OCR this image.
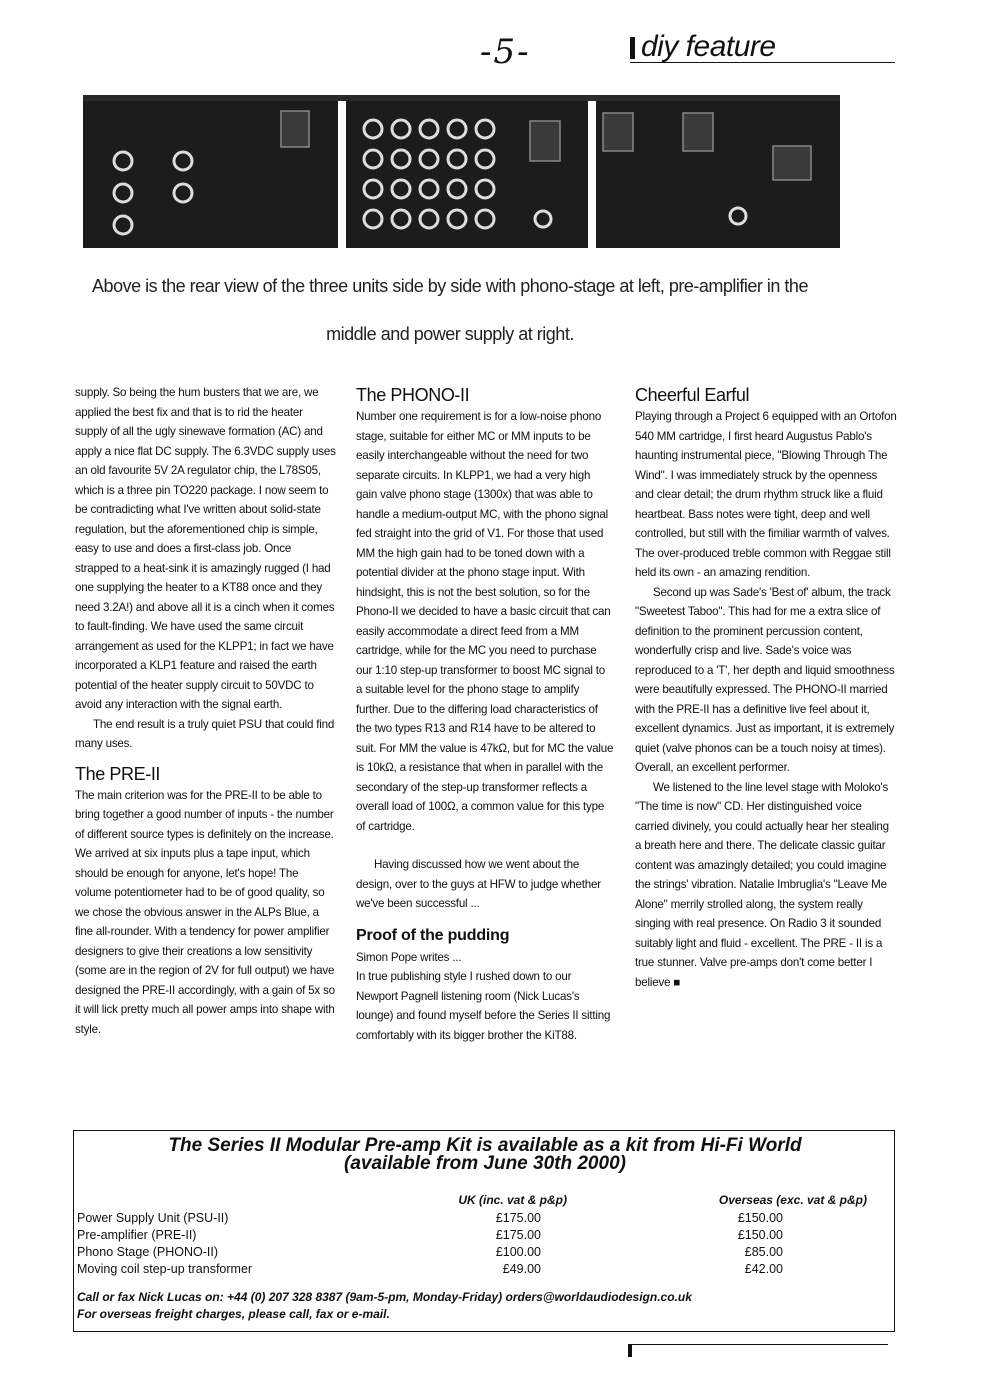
-5-	diy feature
Above is the rear view of the three units side by side with phono-stage at left, pre-amplifier in the
middle and power supply at right.

supply. So being the hum busters that we are, we applied the best fix and that is to rid the heater supply of all the ugly sinewave formation (AC) and apply a nice flat DC supply. The 6.3VDC supply uses an old favourite 5V 2A regulator chip, the L78S05, which is a three pin TO220 package. I now seem to be contradicting what I've written about solid-state regulation, but the aforementioned chip is simple, easy to use and does a first-class job. Once strapped to a heat-sink it is amazingly rugged (I had one supplying the heater to a KT88 once and they need 3.2A!) and above all it is a cinch when it comes to fault-finding. We have used the same circuit arrangement as used for the KLPP1; in fact we have incorporated a KLP1 feature and raised the earth potential of the heater supply circuit to 50VDC to avoid any interaction with the signal earth.

The end result is a truly quiet PSU that could find many uses.

The PRE-II

The main criterion was for the PRE-II to be able to bring together a good number of inputs - the number of different source types is definitely on the increase. We arrived at six inputs plus a tape input, which should be enough for anyone, let's hope! The volume potentiometer had to be of good quality, so we chose the obvious answer in the ALPs Blue, a fine all-rounder. With a tendency for power amplifier designers to give their creations a low sensitivity (some are in the region of 2V for full output) we have designed the PRE-II accordingly, with a gain of 5x so it will lick pretty much all power amps into shape with style.

The PHONO-II

Number one requirement is for a low-noise phono stage, suitable for either MC or MM inputs to be easily interchangeable without the need for two separate circuits. In KLPP1, we had a very high gain valve phono stage (1300x) that was able to handle a medium-output MC, with the phono signal fed straight into the grid of V1. For those that used MM the high gain had to be toned down with a potential divider at the phono stage input. With hindsight, this is not the best solution, so for the Phono-II we decided to have a basic circuit that can easily accommodate a direct feed from a MM cartridge, while for the MC you need to purchase our 1:10 step-up transformer to boost MC signal to a suitable level for the phono stage to amplify further. Due to the differing load characteristics of the two types R13 and R14 have to be altered to suit. For MM the value is 47kΩ, but for MC the value is 10kΩ, a resistance that when in parallel with the secondary of the step-up transformer reflects a overall load of 100Ω, a common value for this type of cartridge.

Having discussed how we went about the design, over to the guys at HFW to judge whether we've been successful ...

Proof of the pudding

Simon Pope writes ...

In true publishing style I rushed down to our Newport Pagnell listening room (Nick Lucas's lounge) and found myself before the Series II sitting comfortably with its bigger brother the KiT88.

Cheerful Earful

Playing through a Project 6 equipped with an Ortofon 540 MM cartridge, I first heard Augustus Pablo's haunting instrumental piece, "Blowing Through The Wind". I was immediately struck by the openness and clear detail; the drum rhythm struck like a fluid heartbeat. Bass notes were tight, deep and well controlled, but still with the fimiliar warmth of valves. The over-produced treble common with Reggae still held its own - an amazing rendition.

Second up was Sade's 'Best of' album, the track "Sweetest Taboo". This had for me a extra slice of definition to the prominent percussion content, wonderfully crisp and live. Sade's voice was reproduced to a 'T', her depth and liquid smoothness were beautifully expressed. The PHONO-II married with the PRE-II has a definitive live feel about it, excellent dynamics. Just as important, it is extremely quiet (valve phonos can be a touch noisy at times). Overall, an excellent performer.

We listened to the line level stage with Moloko's "The time is now" CD. Her distinguished voice carried divinely, you could actually hear her stealing a breath here and there. The delicate classic guitar content was amazingly detailed; you could imagine the strings' vibration. Natalie Imbruglia's "Leave Me Alone" merrily strolled along, the system really singing with real presence. On Radio 3 it sounded suitably light and fluid - excellent. The PRE - II is a true stunner. Valve pre-amps don't come better I believe ■

The Series II Modular Pre-amp Kit is available as a kit from Hi-Fi World
(available from June 30th 2000)
	UK (inc. vat & p&p)	Overseas (exc. vat & p&p)
Power Supply Unit (PSU-II)	£175.00	£150.00
Pre-amplifier (PRE-II)	£175.00	£150.00
Phono Stage (PHONO-II)	£100.00	£85.00
Moving coil step-up transformer	£49.00	£42.00
Call or fax Nick Lucas on: +44 (0) 207 328 8387 (9am-5-pm, Monday-Friday) orders@worldaudiodesign.co.uk
For overseas freight charges, please call, fax or e-mail.
